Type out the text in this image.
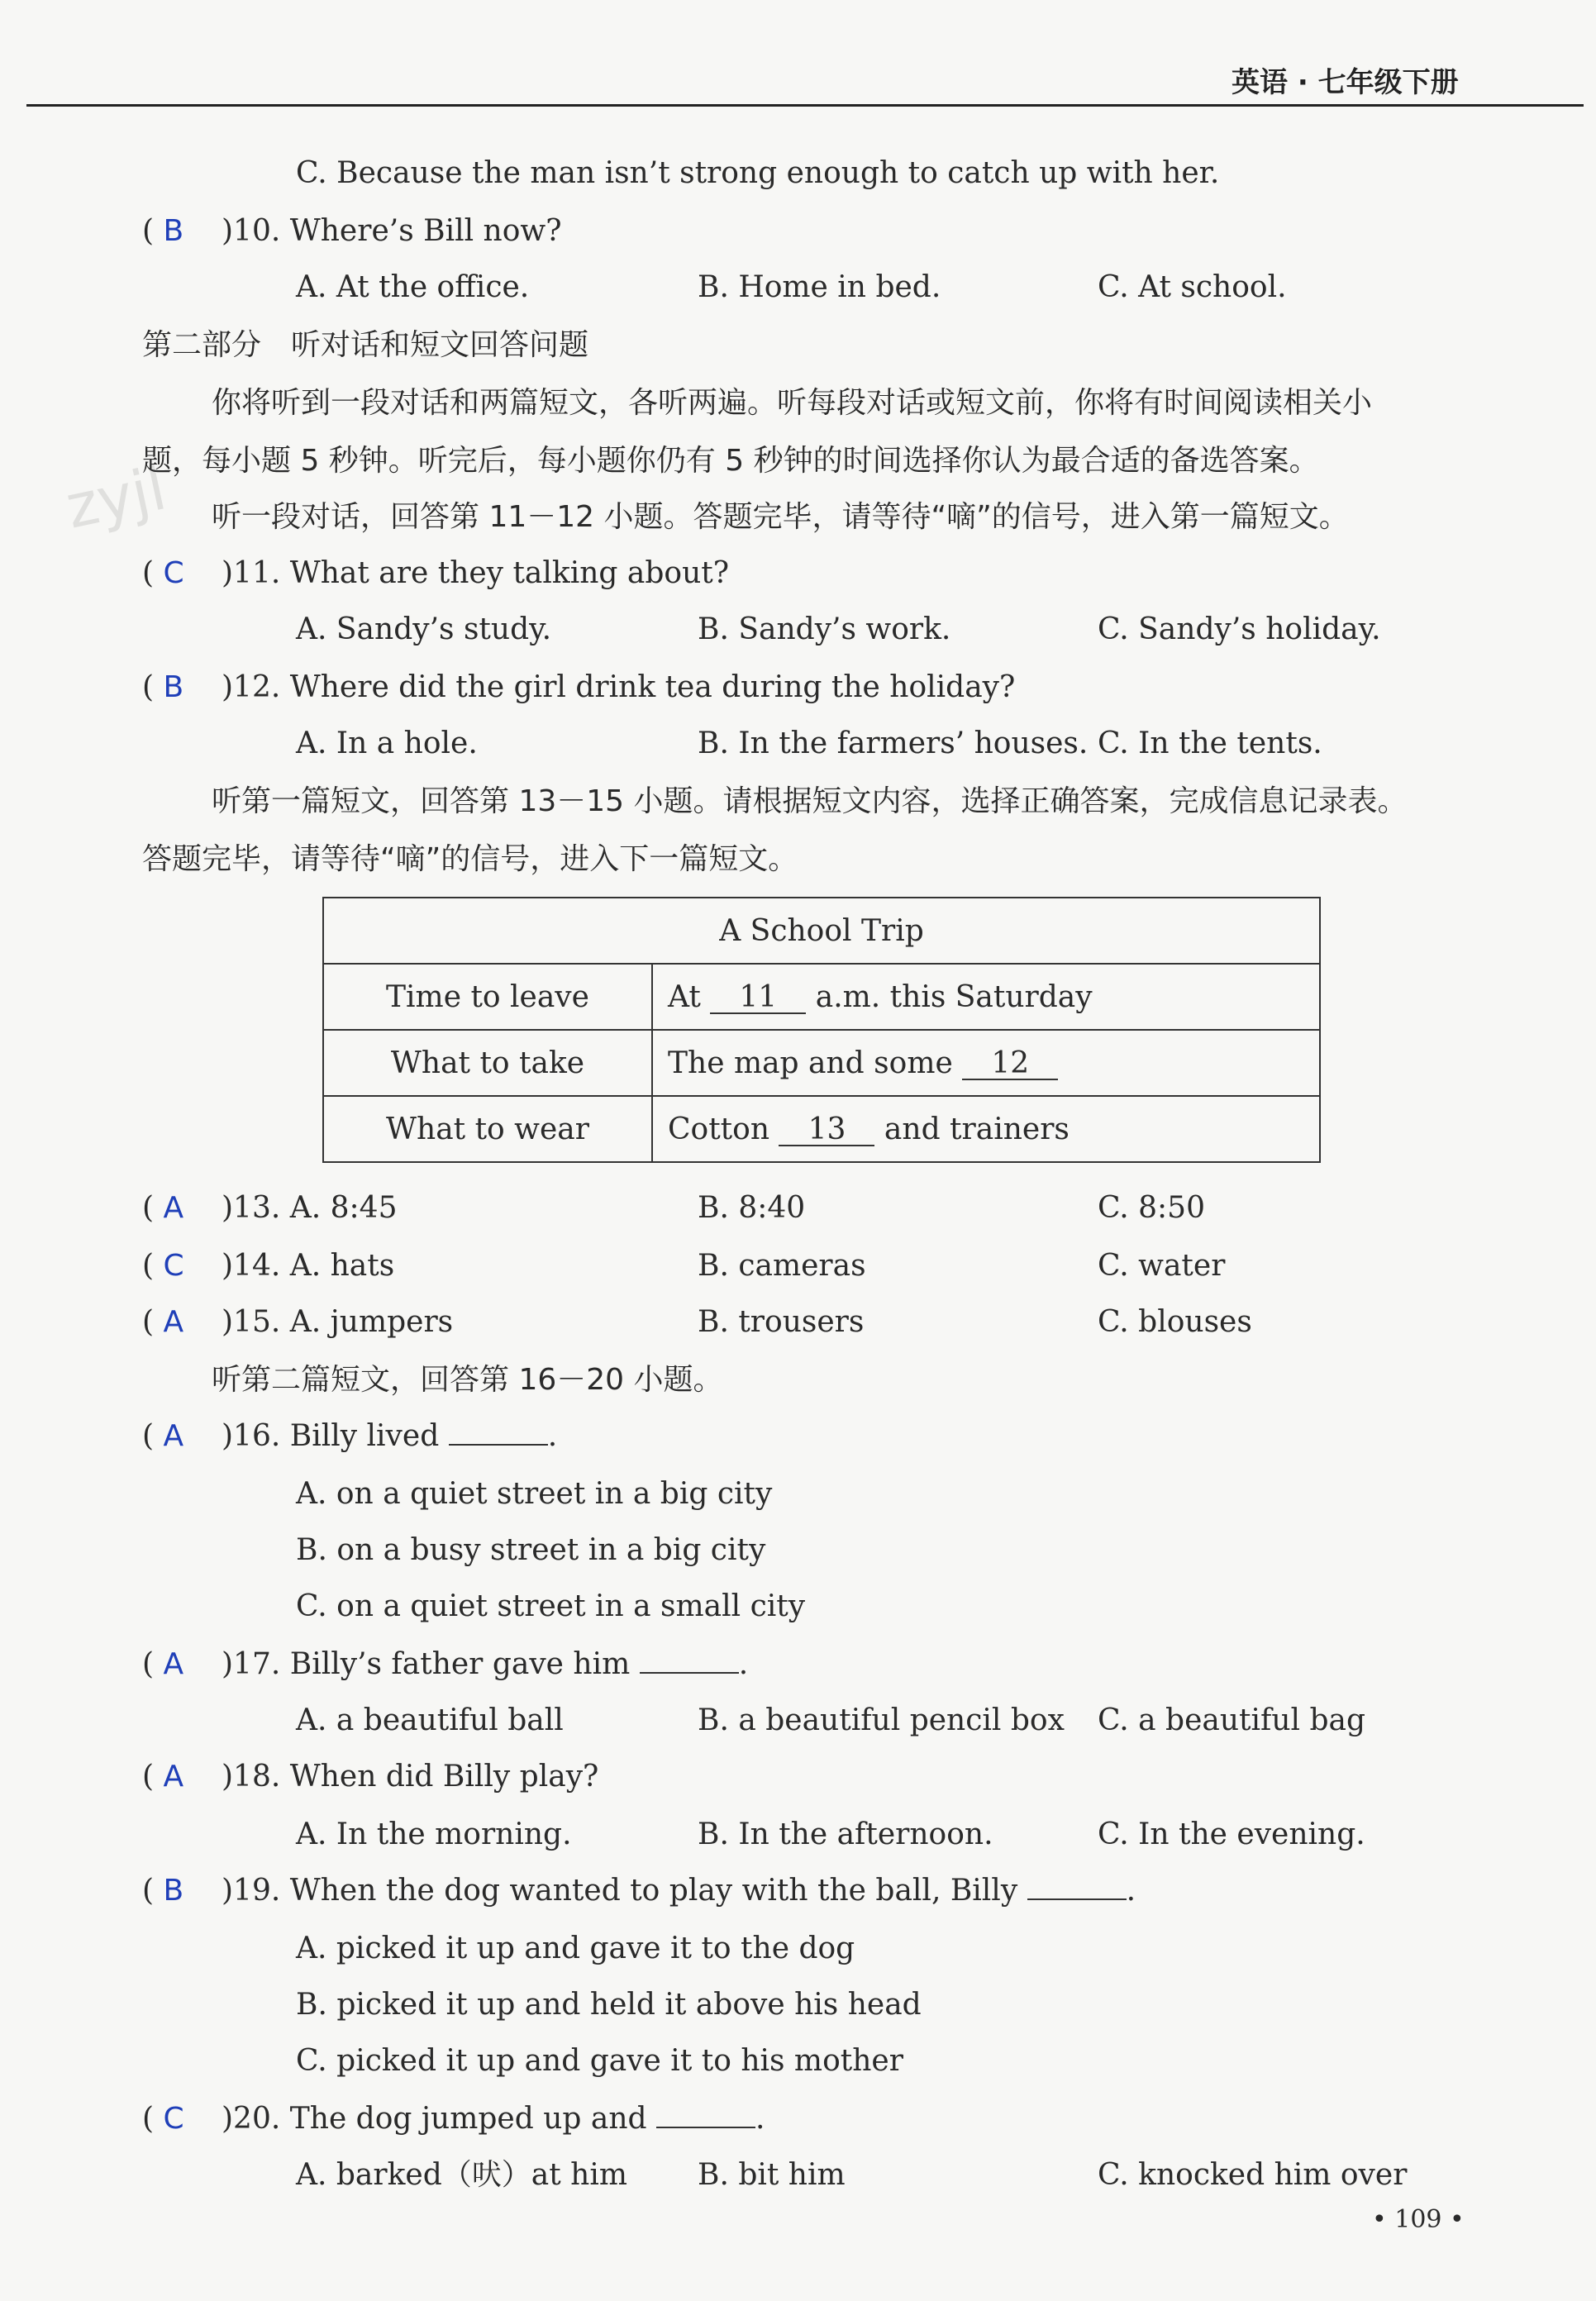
英语 · 七年级下册
zyjl
C. Because the man isn’t strong enough to catch up with her.
( B )10. Where’s Bill now?
A. At the office.	B. Home in bed.	C. At school.
第二部分　听对话和短文回答问题
你将听到一段对话和两篇短文，各听两遍。听每段对话或短文前，你将有时间阅读相关小
题，每小题 5 秒钟。听完后，每小题你仍有 5 秒钟的时间选择你认为最合适的备选答案。
听一段对话，回答第 11－12 小题。答题完毕，请等待“嘀”的信号，进入第一篇短文。
( C )11. What are they talking about?
A. Sandy’s study.	B. Sandy’s work.	C. Sandy’s holiday.
( B )12. Where did the girl drink tea during the holiday?
A. In a hole.	B. In the farmers’ houses. C. In the tents.
听第一篇短文，回答第 13－15 小题。请根据短文内容，选择正确答案，完成信息记录表。
答题完毕，请等待“嘀”的信号，进入下一篇短文。
A School Trip	
Time to leave	At 11 a.m. this Saturday
What to take	The map and some 12
What to wear	Cotton 13 and trainers
( A )13. A. 8:45	B. 8:40	C. 8:50
( C )14. A. hats	B. cameras	C. water
( A )15. A. jumpers	B. trousers	C. blouses
听第二篇短文，回答第 16－20 小题。
( A )16. Billy lived	.
A. on a quiet street in a big city
B. on a busy street in a big city
C. on a quiet street in a small city
( A )17. Billy’s father gave him	.
A. a beautiful ball	B. a beautiful pencil box C. a beautiful bag
( A )18. When did Billy play?
A. In the morning.	B. In the afternoon.	C. In the evening.
( B )19. When the dog wanted to play with the ball, Billy	.
A. picked it up and gave it to the dog
B. picked it up and held it above his head
C. picked it up and gave it to his mother
( C )20. The dog jumped up and	.
A. barked（吠）at him B. bit him	C. knocked him over
• 109 •
